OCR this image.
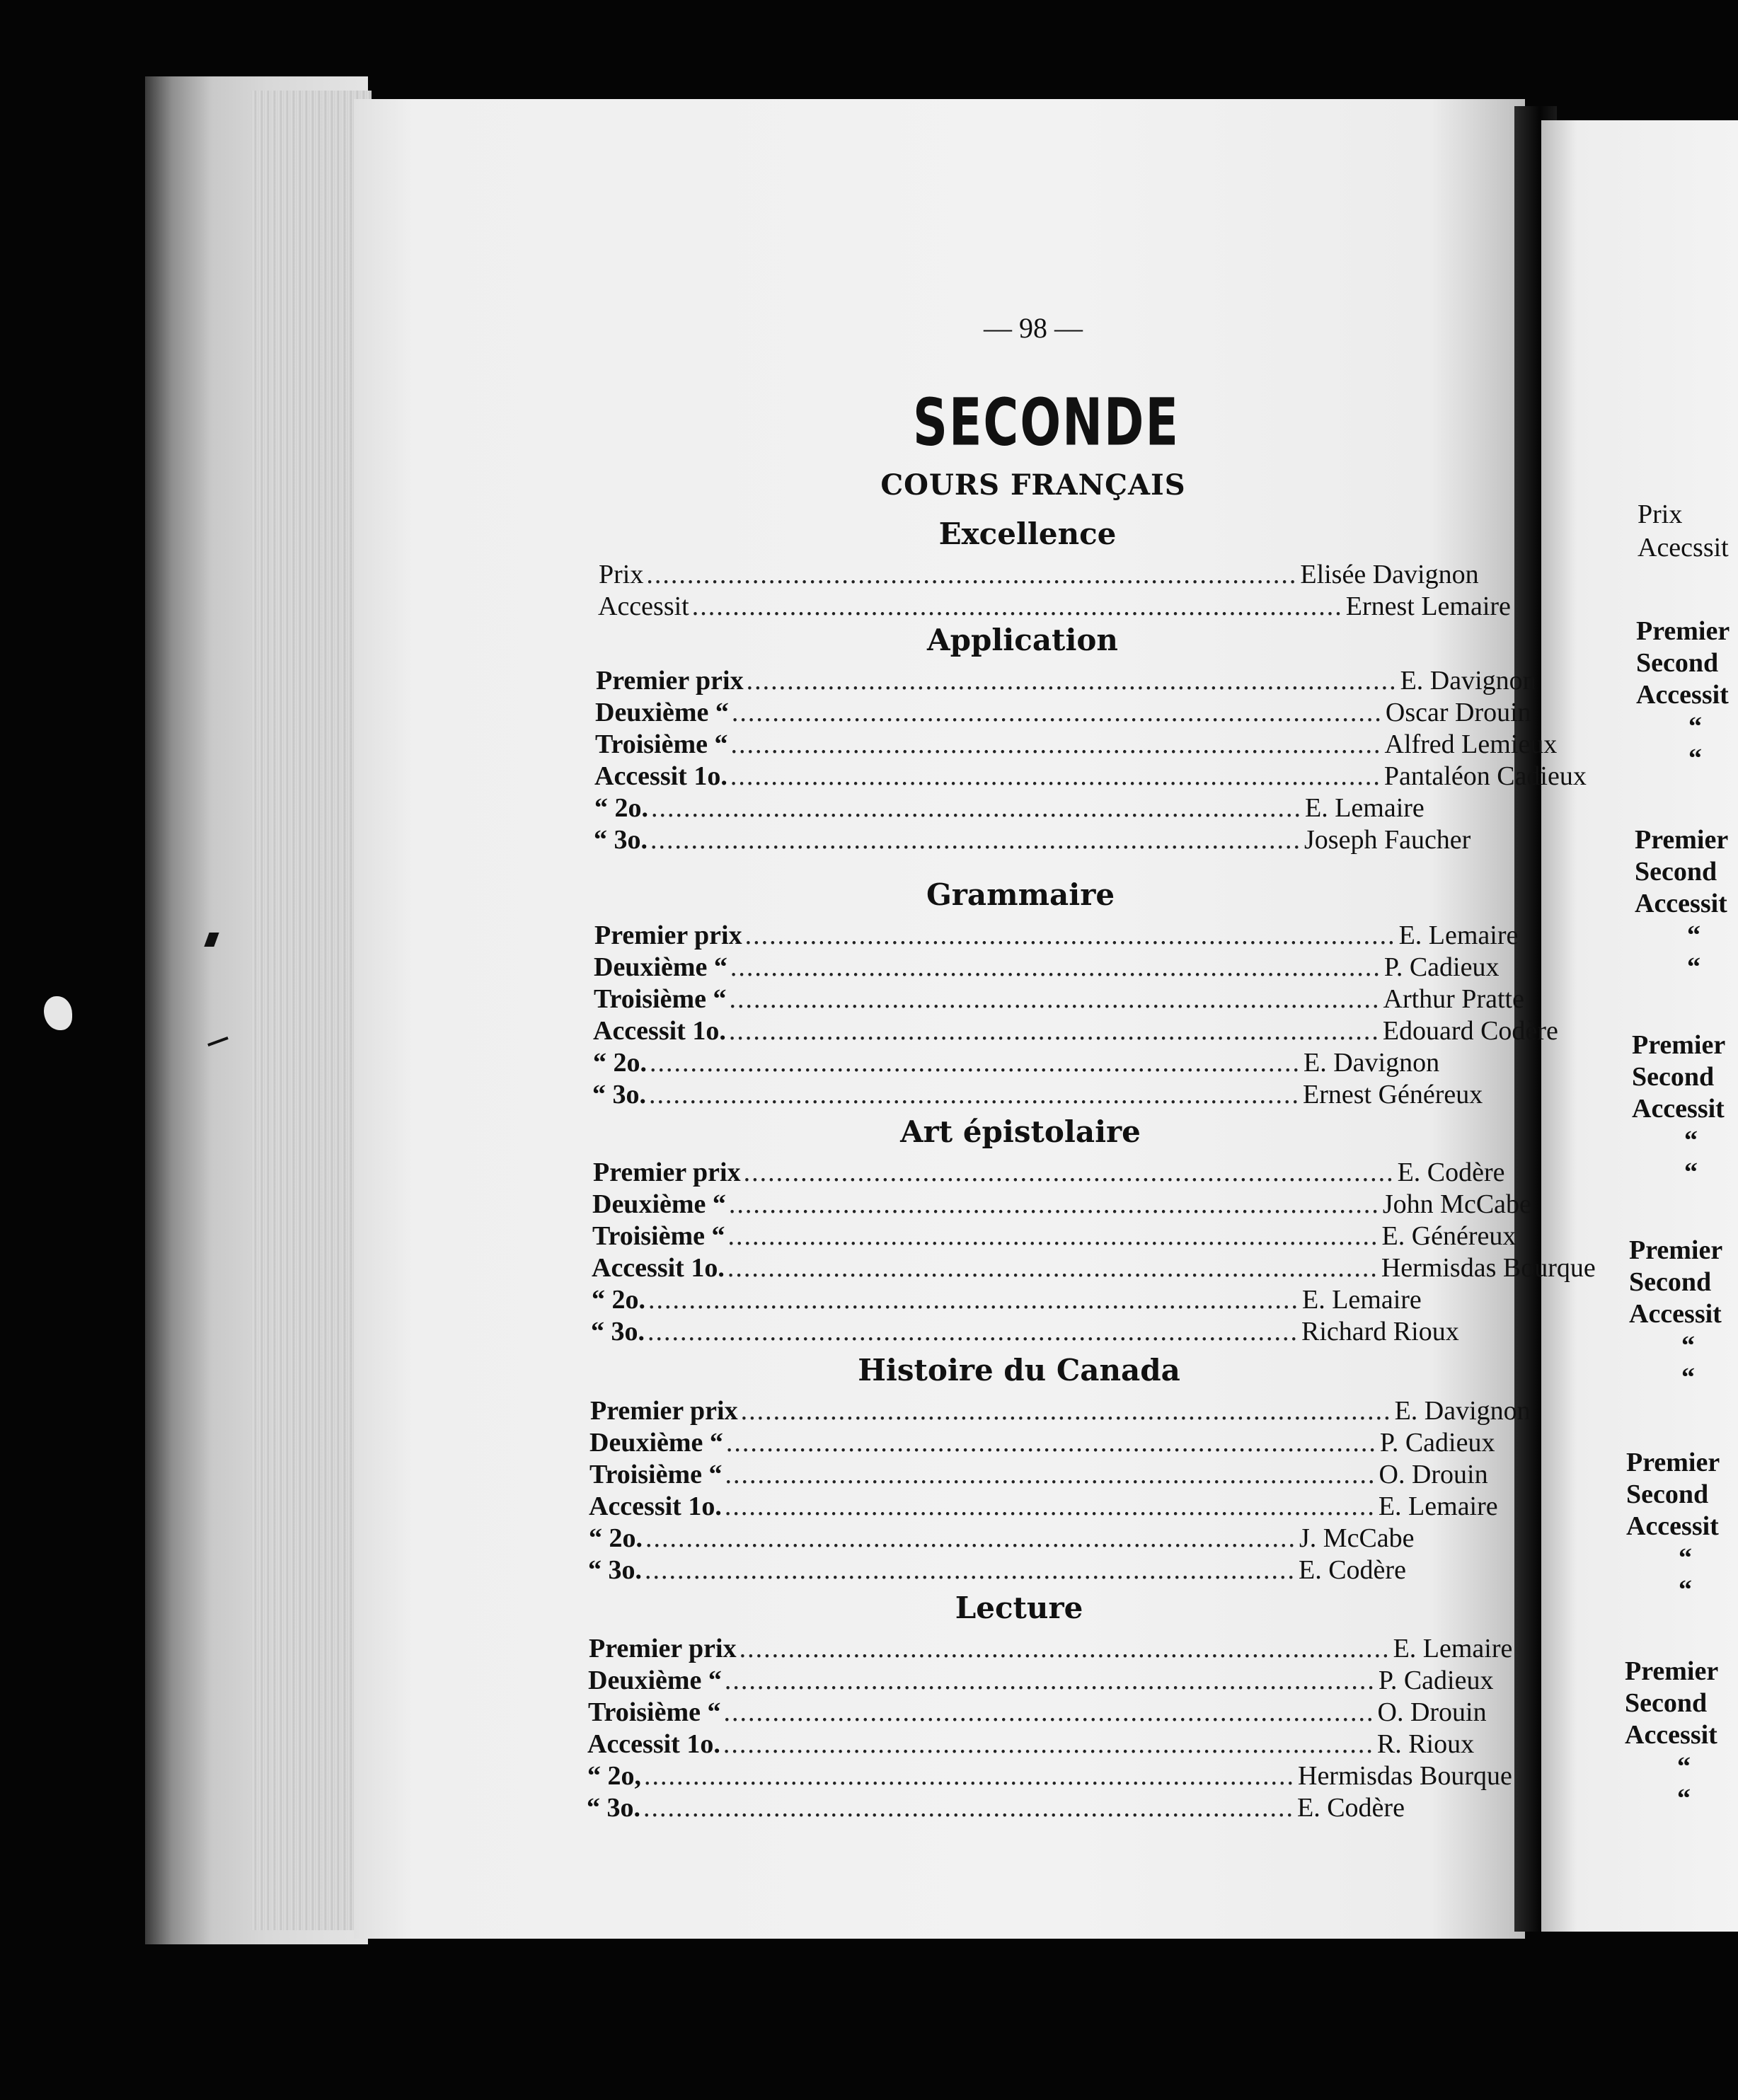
— 98 —
SECONDE
COURS FRANÇAIS
Excellence
Prix ................................................................................ Elisée Davignon
Accessit ................................................................................ Ernest Lemaire
Application
Premier prix ................................................................................ E. Davignon
Deuxième “ ................................................................................ Oscar Drouin
Troisième “ ................................................................................ Alfred Lemieux
Accessit 1o. ................................................................................ Pantaléon Cadieux
“ 2o. ................................................................................ E. Lemaire
“ 3o. ................................................................................ Joseph Faucher
Grammaire
Premier prix ................................................................................ E. Lemaire
Deuxième “ ................................................................................ P. Cadieux
Troisième “ ................................................................................ Arthur Pratte
Accessit 1o. ................................................................................ Edouard Codère
“ 2o. ................................................................................ E. Davignon
“ 3o. ................................................................................ Ernest Généreux
Art épistolaire
Premier prix ................................................................................ E. Codère
Deuxième “ ................................................................................ John McCabe
Troisième “ ................................................................................ E. Généreux
Accessit 1o. ................................................................................ Hermisdas Bourque
“ 2o. ................................................................................ E. Lemaire
“ 3o. ................................................................................ Richard Rioux
Histoire du Canada
Premier prix ................................................................................ E. Davignon
Deuxième “ ................................................................................ P. Cadieux
Troisième “ ................................................................................ O. Drouin
Accessit 1o. ................................................................................ E. Lemaire
“ 2o. ................................................................................ J. McCabe
“ 3o. ................................................................................ E. Codère
Lecture
Premier prix ................................................................................ E. Lemaire
Deuxième “ ................................................................................ P. Cadieux
Troisième “ ................................................................................ O. Drouin
Accessit 1o. ................................................................................ R. Rioux
“ 2o, ................................................................................ Hermisdas Bourque
“ 3o. ................................................................................ E. Codère
Prix
Acecssit
Premier
Second
Accessit
“
“
Premier
Second
Accessit
“
“
Premier
Second
Accessit
“
“
Premier
Second
Accessit
“
“
Premier
Second
Accessit
“
“
Premier
Second
Accessit
“
“
